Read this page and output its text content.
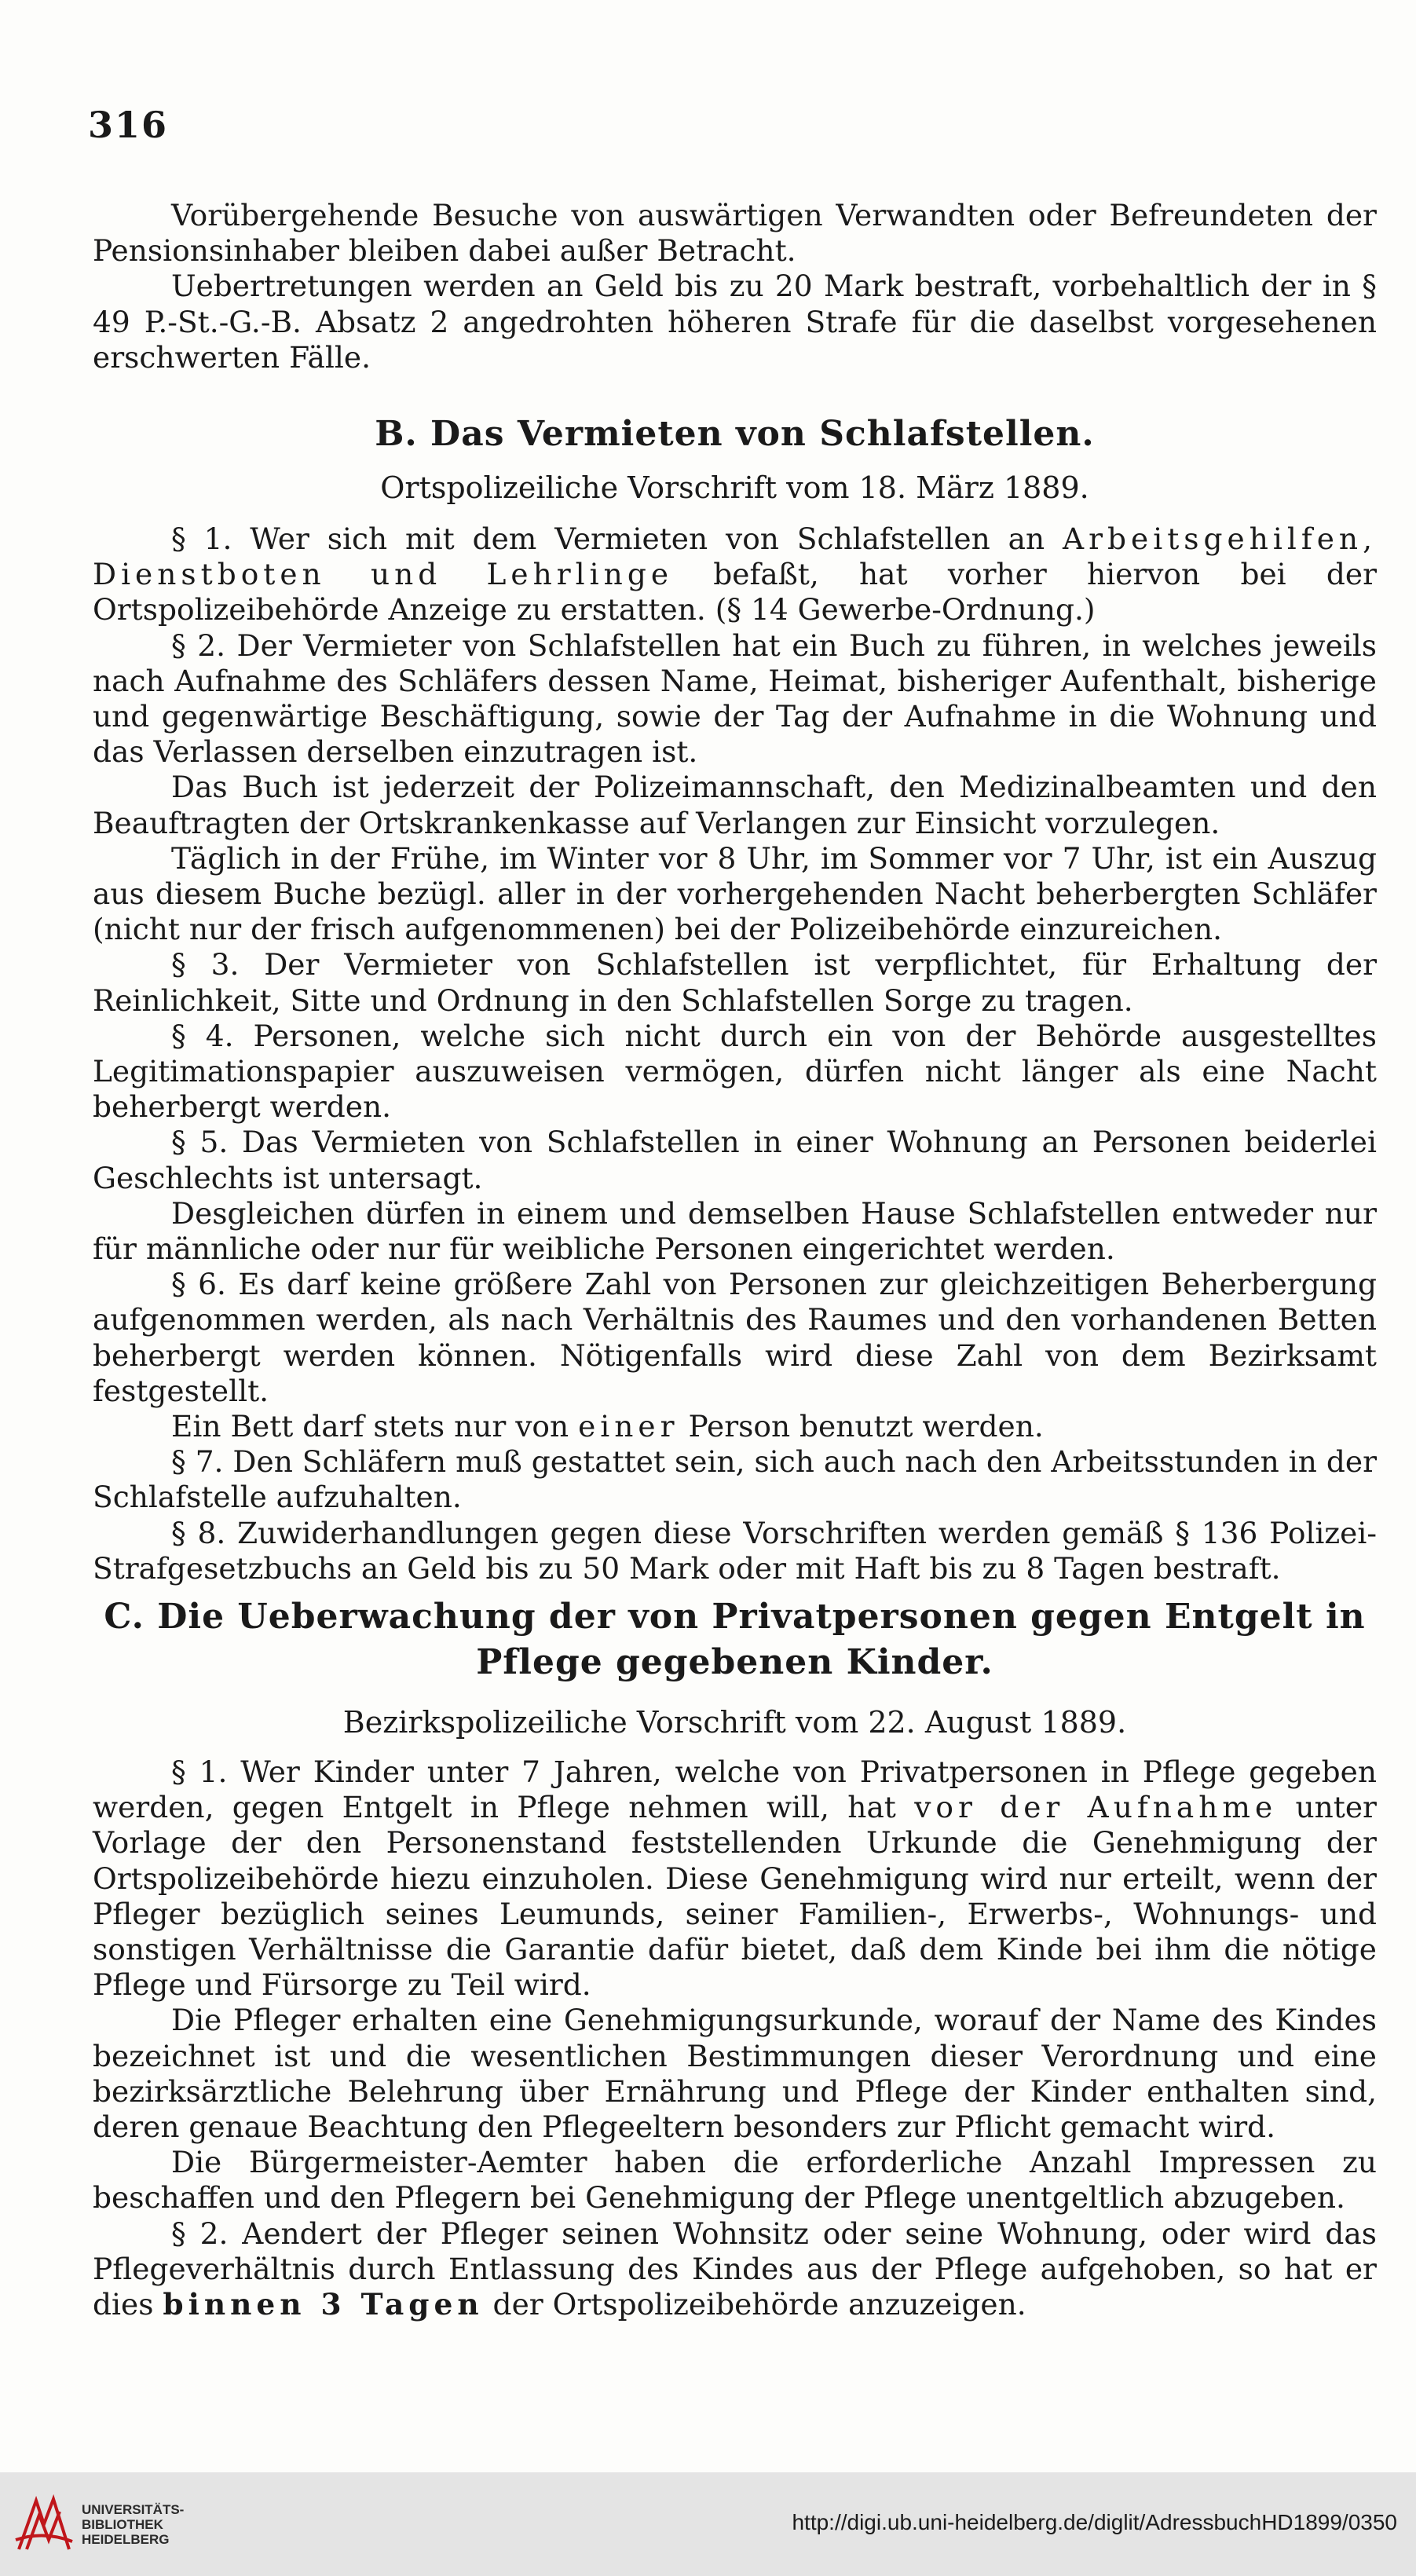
316

Vorübergehende Besuche von auswärtigen Verwandten oder Befreundeten der Pensionsinhaber bleiben dabei außer Betracht.

Uebertretungen werden an Geld bis zu 20 Mark bestraft, vorbehaltlich der in § 49 P.-St.-G.-B. Absatz 2 angedrohten höheren Strafe für die daselbst vorgesehenen erschwerten Fälle.

B. Das Vermieten von Schlafstellen.
Ortspolizeiliche Vorschrift vom 18. März 1889.

§ 1. Wer sich mit dem Vermieten von Schlafstellen an Arbeitsgehilfen, Dienstboten und Lehrlinge befaßt, hat vorher hiervon bei der Ortspolizeibehörde Anzeige zu erstatten. (§ 14 Gewerbe-Ordnung.)

§ 2. Der Vermieter von Schlafstellen hat ein Buch zu führen, in welches jeweils nach Aufnahme des Schläfers dessen Name, Heimat, bisheriger Aufenthalt, bisherige und gegenwärtige Beschäftigung, sowie der Tag der Aufnahme in die Wohnung und das Verlassen derselben einzutragen ist.

Das Buch ist jederzeit der Polizeimannschaft, den Medizinalbeamten und den Beauftragten der Ortskrankenkasse auf Verlangen zur Einsicht vorzulegen.

Täglich in der Frühe, im Winter vor 8 Uhr, im Sommer vor 7 Uhr, ist ein Auszug aus diesem Buche bezügl. aller in der vorhergehenden Nacht beherbergten Schläfer (nicht nur der frisch aufgenommenen) bei der Polizeibehörde einzureichen.

§ 3. Der Vermieter von Schlafstellen ist verpflichtet, für Erhaltung der Reinlichkeit, Sitte und Ordnung in den Schlafstellen Sorge zu tragen.

§ 4. Personen, welche sich nicht durch ein von der Behörde ausgestelltes Legitimationspapier auszuweisen vermögen, dürfen nicht länger als eine Nacht beherbergt werden.

§ 5. Das Vermieten von Schlafstellen in einer Wohnung an Personen beiderlei Geschlechts ist untersagt.

Desgleichen dürfen in einem und demselben Hause Schlafstellen entweder nur für männliche oder nur für weibliche Personen eingerichtet werden.

§ 6. Es darf keine größere Zahl von Personen zur gleichzeitigen Beherbergung aufgenommen werden, als nach Verhältnis des Raumes und den vorhandenen Betten beherbergt werden können. Nötigenfalls wird diese Zahl von dem Bezirksamt festgestellt.

Ein Bett darf stets nur von einer Person benutzt werden.

§ 7. Den Schläfern muß gestattet sein, sich auch nach den Arbeitsstunden in der Schlafstelle aufzuhalten.

§ 8. Zuwiderhandlungen gegen diese Vorschriften werden gemäß § 136 Polizei-Strafgesetzbuchs an Geld bis zu 50 Mark oder mit Haft bis zu 8 Tagen bestraft.

C. Die Ueberwachung der von Privatpersonen gegen Entgelt in
Pflege gegebenen Kinder.
Bezirkspolizeiliche Vorschrift vom 22. August 1889.

§ 1. Wer Kinder unter 7 Jahren, welche von Privatpersonen in Pflege gegeben werden, gegen Entgelt in Pflege nehmen will, hat vor der Aufnahme unter Vorlage der den Personenstand feststellenden Urkunde die Genehmigung der Ortspolizeibehörde hiezu einzuholen. Diese Genehmigung wird nur erteilt, wenn der Pfleger bezüglich seines Leumunds, seiner Familien-, Erwerbs-, Wohnungs- und sonstigen Verhältnisse die Garantie dafür bietet, daß dem Kinde bei ihm die nötige Pflege und Fürsorge zu Teil wird.

Die Pfleger erhalten eine Genehmigungsurkunde, worauf der Name des Kindes bezeichnet ist und die wesentlichen Bestimmungen dieser Verordnung und eine bezirksärztliche Belehrung über Ernährung und Pflege der Kinder enthalten sind, deren genaue Beachtung den Pflegeeltern besonders zur Pflicht gemacht wird.

Die Bürgermeister-Aemter haben die erforderliche Anzahl Impressen zu beschaffen und den Pflegern bei Genehmigung der Pflege unentgeltlich abzugeben.

§ 2. Aendert der Pfleger seinen Wohnsitz oder seine Wohnung, oder wird das Pflegeverhältnis durch Entlassung des Kindes aus der Pflege aufgehoben, so hat er dies binnen 3 Tagen der Ortspolizeibehörde anzuzeigen.

UNIVERSITÄTS-
BIBLIOTHEK
HEIDELBERG
http://digi.ub.uni-heidelberg.de/diglit/AdressbuchHD1899/0350
